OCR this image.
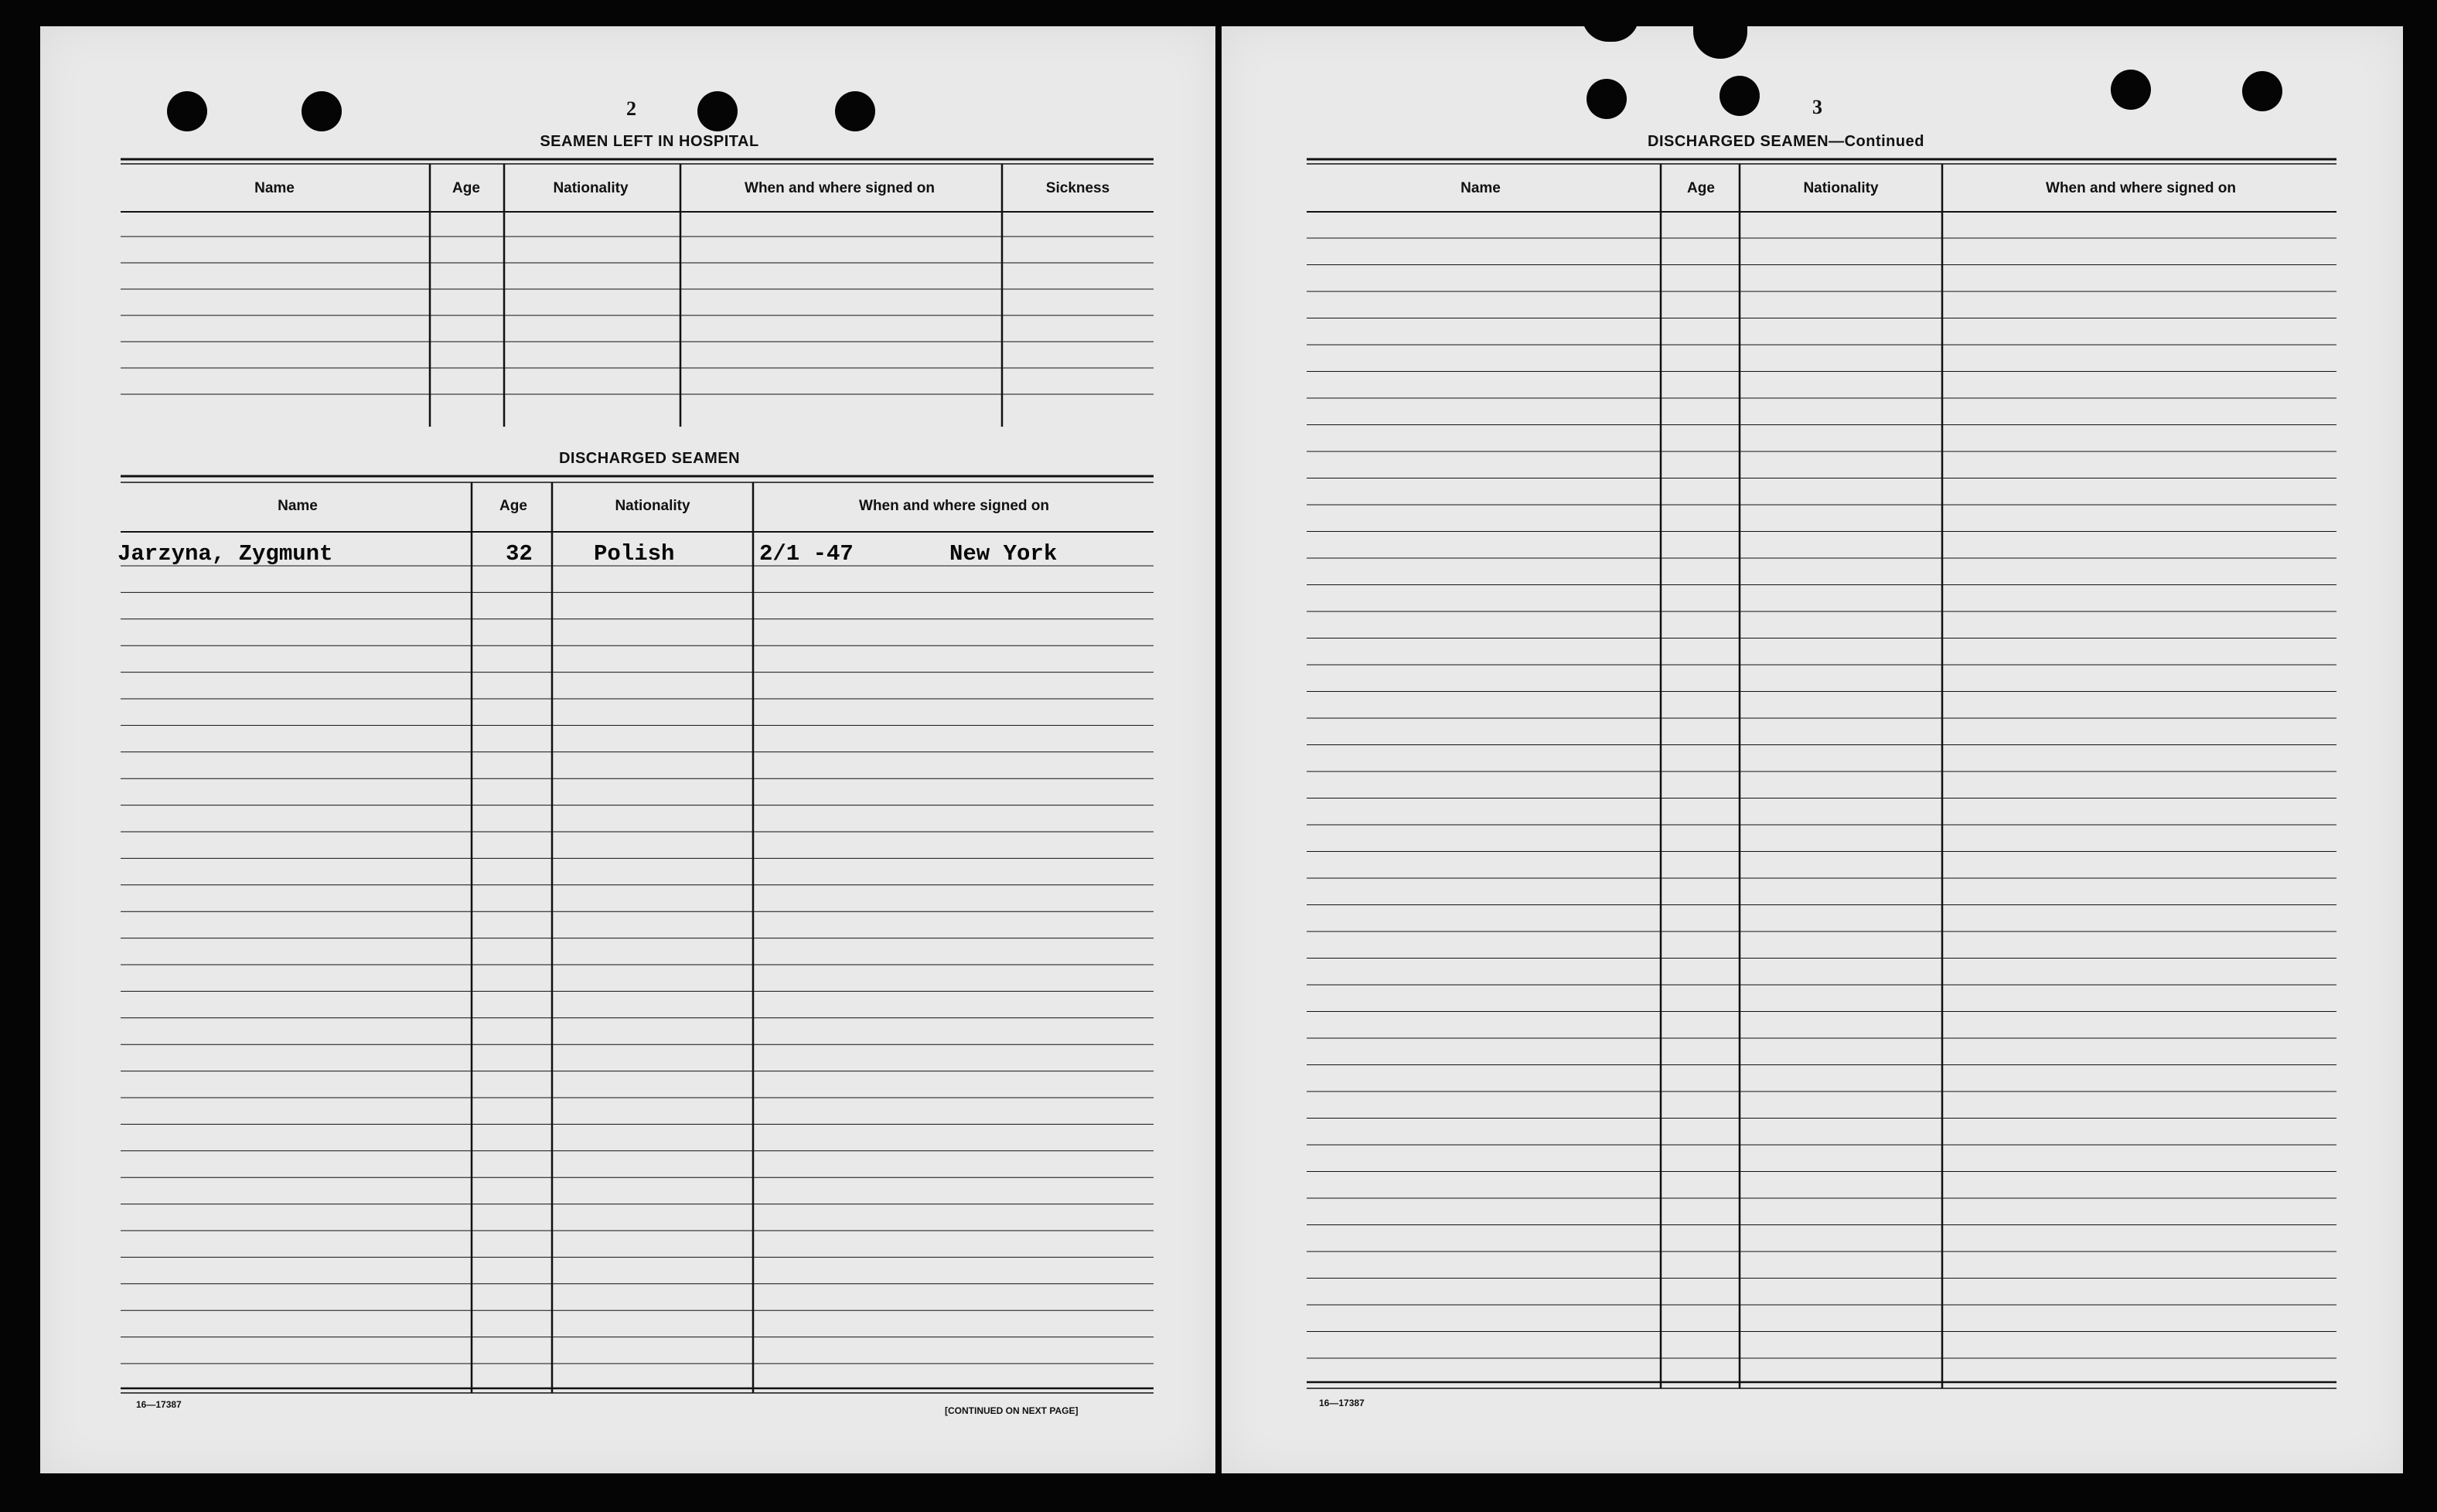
2
SEAMEN LEFT IN HOSPITAL
Name	Age	Nationality	When and where signed on	Sickness
DISCHARGED SEAMEN
Name	Age	Nationality	When and where signed on
Jarzyna, Zygmunt	32	Polish	2/1 -47	New York
16—17387
[CONTINUED ON NEXT PAGE]
3
DISCHARGED SEAMEN—Continued
Name	Age	Nationality	When and where signed on
16—17387
